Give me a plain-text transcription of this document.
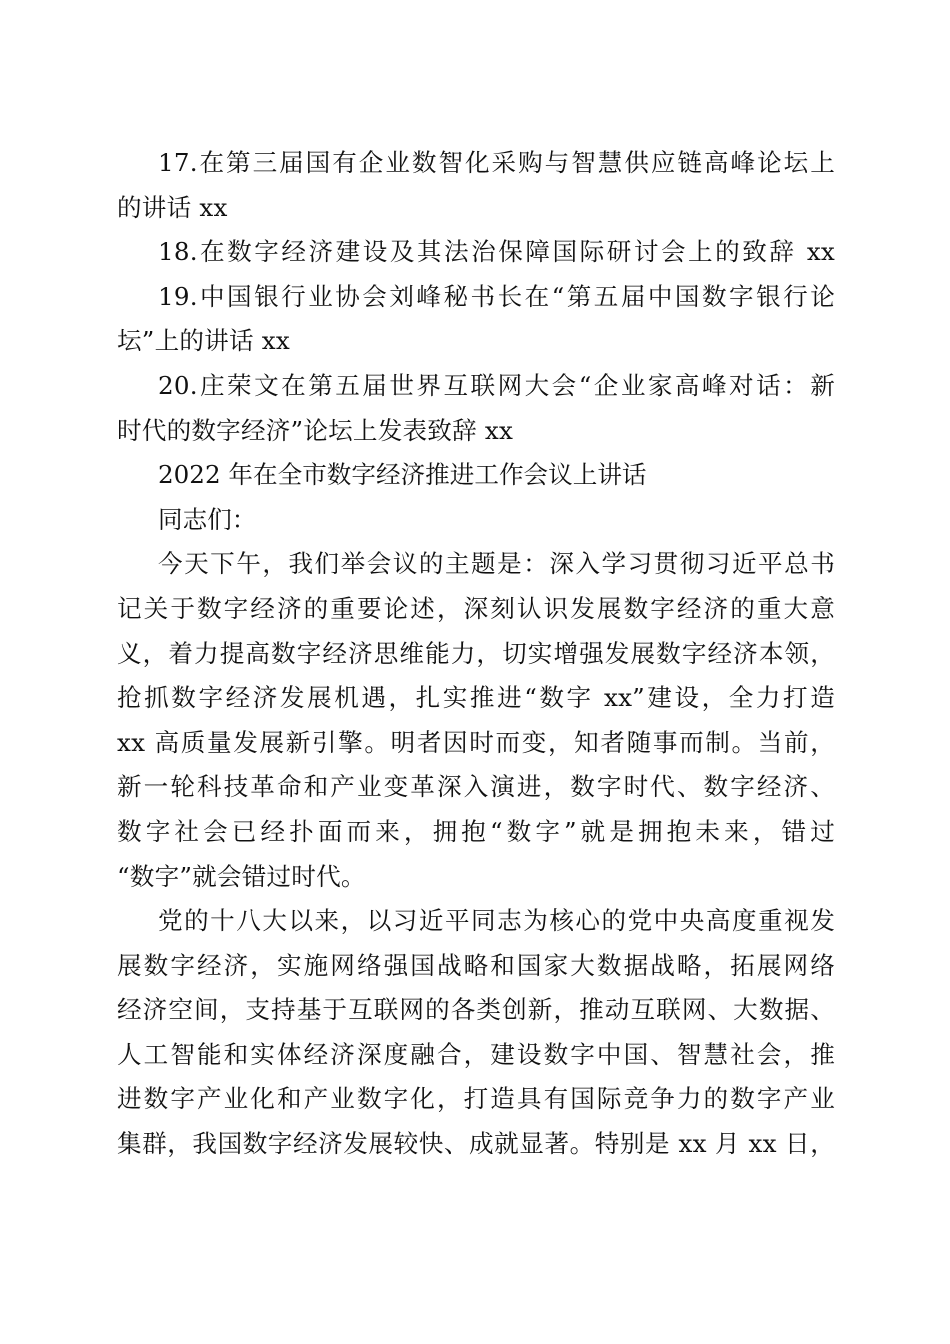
17.在第三届国有企业数智化采购与智慧供应链高峰论坛上
的讲话 xx
18.在数字经济建设及其法治保障国际研讨会上的致辞 xx
19.中国银行业协会刘峰秘书长在“第五届中国数字银行论
坛”上的讲话 xx
20.庄荣文在第五届世界互联网大会“企业家高峰对话：新
时代的数字经济”论坛上发表致辞 xx
2022 年在全市数字经济推进工作会议上讲话
同志们：
今天下午，我们举会议的主题是：深入学习贯彻习近平总书
记关于数字经济的重要论述，深刻认识发展数字经济的重大意
义，着力提高数字经济思维能力，切实增强发展数字经济本领，
抢抓数字经济发展机遇，扎实推进“数字 xx”建设，全力打造
xx 高质量发展新引擎。明者因时而变，知者随事而制。当前，
新一轮科技革命和产业变革深入演进，数字时代、数字经济、
数字社会已经扑面而来，拥抱“数字”就是拥抱未来，错过
“数字”就会错过时代。
党的十八大以来，以习近平同志为核心的党中央高度重视发
展数字经济，实施网络强国战略和国家大数据战略，拓展网络
经济空间，支持基于互联网的各类创新，推动互联网、大数据、
人工智能和实体经济深度融合，建设数字中国、智慧社会，推
进数字产业化和产业数字化，打造具有国际竞争力的数字产业
集群，我国数字经济发展较快、成就显著。特别是 xx 月 xx 日，
